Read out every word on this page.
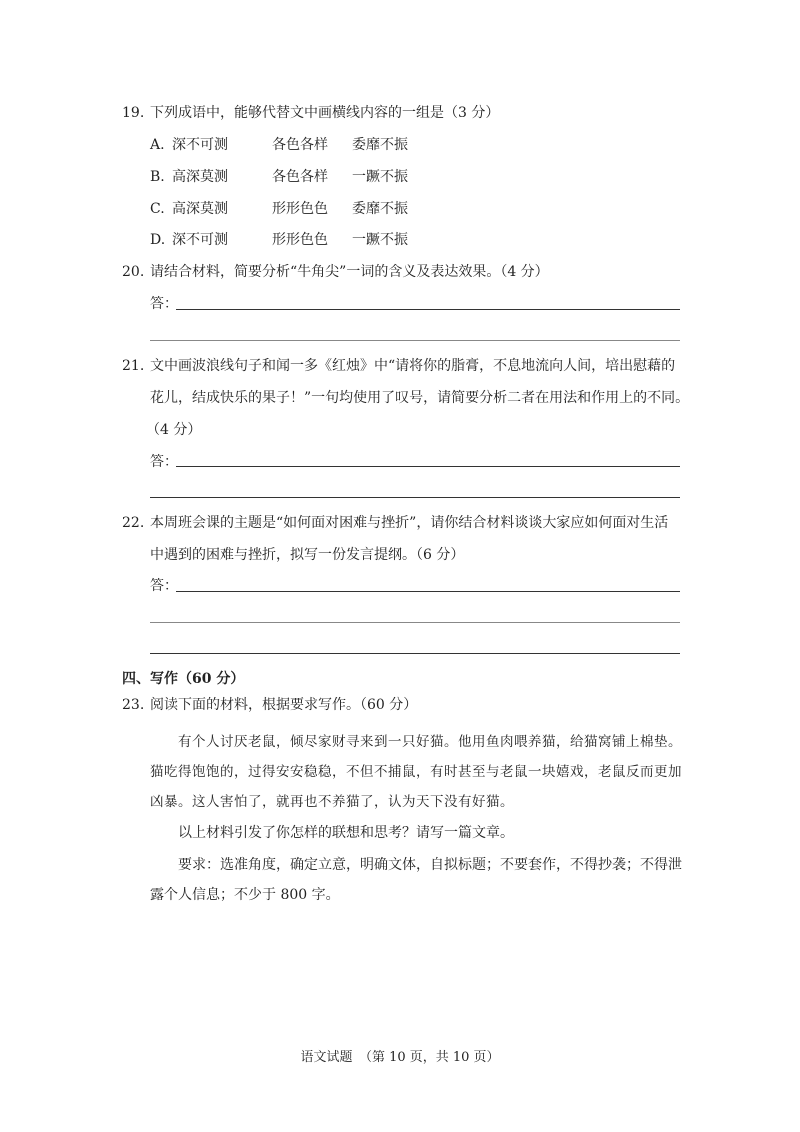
19. 下列成语中，能够代替文中画横线内容的一组是（3 分）
A. 深不可测	各色各样 委靡不振
B. 高深莫测	各色各样 一蹶不振
C. 高深莫测	形形色色 委靡不振
D. 深不可测	形形色色 一蹶不振
20. 请结合材料，简要分析“牛角尖”一词的含义及表达效果。（4 分）
答：
21. 文中画波浪线句子和闻一多《红烛》中“请将你的脂膏，不息地流向人间，培出慰藉的
花儿，结成快乐的果子！”一句均使用了叹号，请简要分析二者在用法和作用上的不同。
（4 分）
答：
22. 本周班会课的主题是“如何面对困难与挫折”，请你结合材料谈谈大家应如何面对生活
中遇到的困难与挫折，拟写一份发言提纲。（6 分）
答：
四、写作（60 分）
23. 阅读下面的材料，根据要求写作。（60 分）
有个人讨厌老鼠，倾尽家财寻来到一只好猫。他用鱼肉喂养猫，给猫窝铺上棉垫。猫吃得饱饱的，过得安安稳稳，不但不捕鼠，有时甚至与老鼠一块嬉戏，老鼠反而更加凶暴。这人害怕了，就再也不养猫了，认为天下没有好猫。
以上材料引发了你怎样的联想和思考？请写一篇文章。
要求：选准角度，确定立意，明确文体，自拟标题；不要套作，不得抄袭；不得泄露个人信息；不少于 800 字。
语文试题　（第 10 页，共 10 页）
